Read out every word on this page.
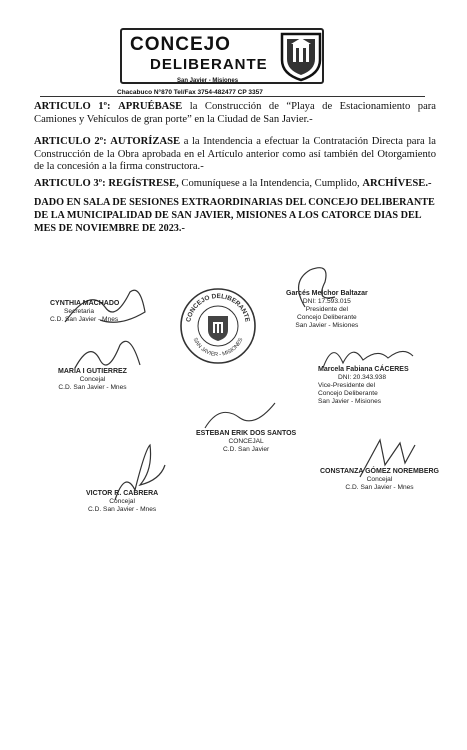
CONCEJO
DELIBERANTE
San Javier - Misiones
Chacabuco N°870 Tel/Fax 3754-482477 CP 3357
ARTICULO 1º: APRUÉBASE la Construcción de “Playa de Estacionamiento para Camiones y Vehículos de gran porte” en la Ciudad de San Javier.-
ARTICULO 2º: AUTORÍZASE a la Intendencia a efectuar la Contratación Directa para la Construcción de la Obra aprobada en el Artículo anterior como así también del Otorgamiento de la concesión a la firma constructora.-
ARTICULO 3º: REGÍSTRESE, Comuníquese a la Intendencia, Cumplido, ARCHÍVESE.-
DADO EN SALA DE SESIONES EXTRAORDINARIAS DEL CONCEJO DELIBERANTE DE LA MUNICIPALIDAD DE SAN JAVIER, MISIONES A LOS CATORCE DIAS DEL MES DE NOVIEMBRE DE 2023.-
CONCEJO DELIBERANTE
SAN JAVIER - MISIONES
CYNTHIA MACHADO
Secretaria
C.D. San Javier - Mnes
Garcés Melchor Baltazar
DNI: 17.593.015
Presidente del
Concejo Deliberante
San Javier - Misiones
MARÍA I GUTIERREZ
Concejal
C.D. San Javier - Mnes
Marcela Fabiana CÁCERES
DNI: 20.343.938
Vice-Presidente del
Concejo Deliberante
San Javier - Misiones
ESTEBAN ERIK DOS SANTOS
CONCEJAL
C.D. San Javier
CONSTANZA GÓMEZ NOREMBERG
Concejal
C.D. San Javier - Mnes
VICTOR R. CABRERA
Concejal
C.D. San Javier - Mnes
